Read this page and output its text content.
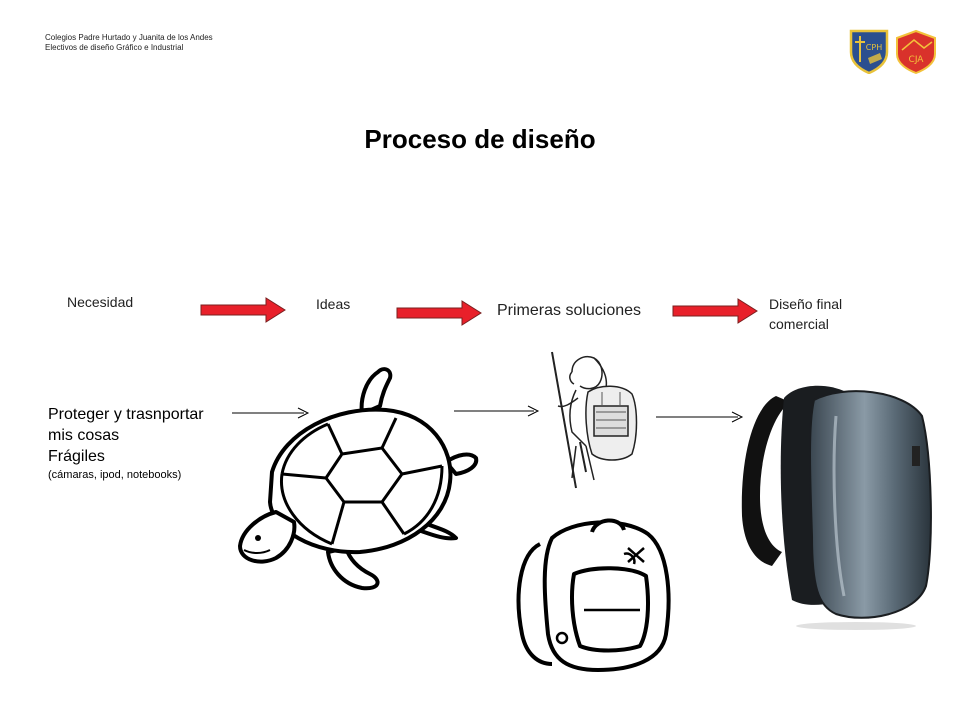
Colegios Padre Hurtado y Juanita de los Andes
Electivos de diseño Gráfico e Industrial	CPH
CJA
Proceso de diseño
Necesidad	Ideas	Primeras soluciones	Diseño final
comercial
Proteger y trasnportar
mis cosas
Frágiles
(cámaras, ipod, notebooks)
